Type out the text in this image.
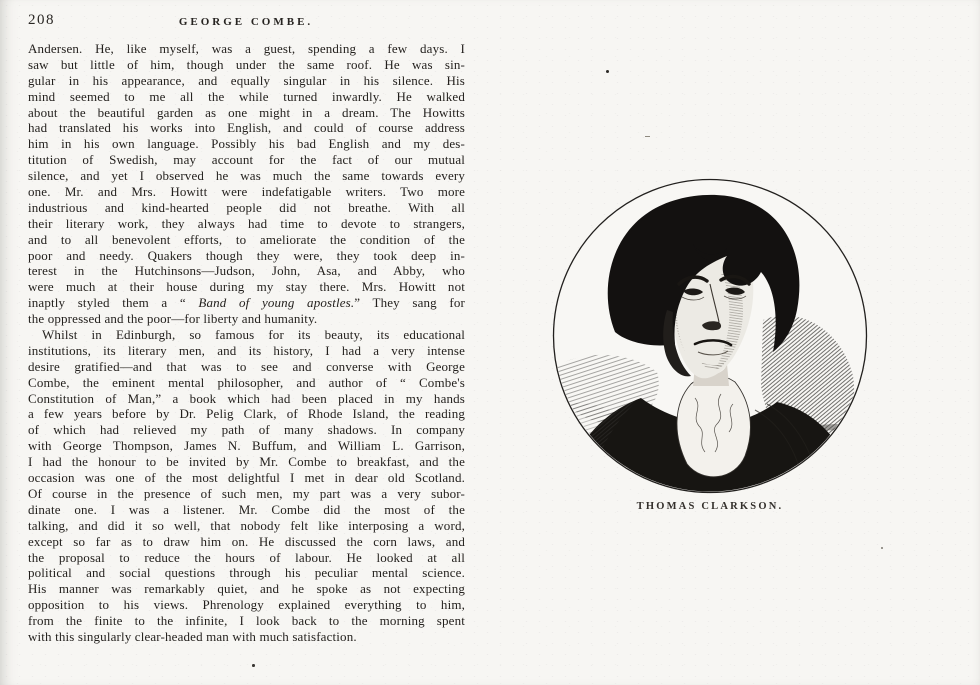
208	GEORGE COMBE.
Andersen. He, like myself, was a guest, spending a few days. I
saw but little of him, though under the same roof. He was sin-
gular in his appearance, and equally singular in his silence. His
mind seemed to me all the while turned inwardly. He walked
about the beautiful garden as one might in a dream. The Howitts
had translated his works into English, and could of course address
him in his own language. Possibly his bad English and my des-
titution of Swedish, may account for the fact of our mutual
silence, and yet I observed he was much the same towards every
one. Mr. and Mrs. Howitt were indefatigable writers. Two more
industrious and kind-hearted people did not breathe. With all
their literary work, they always had time to devote to strangers,
and to all benevolent efforts, to ameliorate the condition of the
poor and needy. Quakers though they were, they took deep in-
terest in the Hutchinsons—Judson, John, Asa, and Abby, who
were much at their house during my stay there. Mrs. Howitt not
inaptly styled them a “ Band of young apostles.” They sang for
the oppressed and the poor—for liberty and humanity.
Whilst in Edinburgh, so famous for its beauty, its educational
institutions, its literary men, and its history, I had a very intense
desire gratified—and that was to see and converse with George
Combe, the eminent mental philosopher, and author of “ Combe's
Constitution of Man,” a book which had been placed in my hands
a few years before by Dr. Pelig Clark, of Rhode Island, the reading
of which had relieved my path of many shadows. In company
with George Thompson, James N. Buffum, and William L. Garrison,
I had the honour to be invited by Mr. Combe to breakfast, and the
occasion was one of the most delightful I met in dear old Scotland.
Of course in the presence of such men, my part was a very subor-
dinate one. I was a listener. Mr. Combe did the most of the
talking, and did it so well, that nobody felt like interposing a word,
except so far as to draw him on. He discussed the corn laws, and
the proposal to reduce the hours of labour. He looked at all
political and social questions through his peculiar mental science.
His manner was remarkably quiet, and he spoke as not expecting
opposition to his views. Phrenology explained everything to him,
from the finite to the infinite, I look back to the morning spent
with this singularly clear-headed man with much satisfaction.
THOMAS CLARKSON.
